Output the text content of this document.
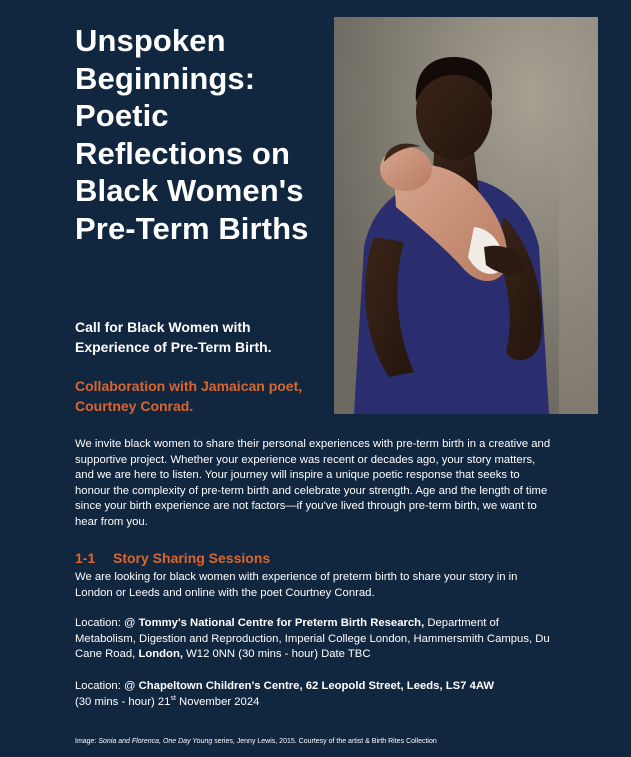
Unspoken Beginnings: Poetic Reflections on Black Women's Pre-Term Births

Call for Black Women with Experience of Pre-Term Birth.

Collaboration with Jamaican poet, Courtney Conrad.

We invite black women to share their personal experiences with pre-term birth in a creative and supportive project. Whether your experience was recent or decades ago, your story matters, and we are here to listen. Your journey will inspire a unique poetic response that seeks to honour the complexity of pre-term birth and celebrate your strength. Age and the length of time since your birth experience are not factors—if you've lived through pre-term birth, we want to hear from you.

1-1 Story Sharing Sessions

We are looking for black women with experience of preterm birth to share your story in in London or Leeds and online with the poet Courtney Conrad.

Location: @ Tommy's National Centre for Preterm Birth Research, Department of Metabolism, Digestion and Reproduction, Imperial College London, Hammersmith Campus, Du Cane Road, London, W12 0NN (30 mins - hour) Date TBC

Location: @ Chapeltown Children's Centre, 62 Leopold Street, Leeds, LS7 4AW
(30 mins - hour) 21st November 2024

Image: Sonia and Florenca, One Day Young series, Jenny Lewis, 2015. Courtesy of the artist & Birth Rites Collection
